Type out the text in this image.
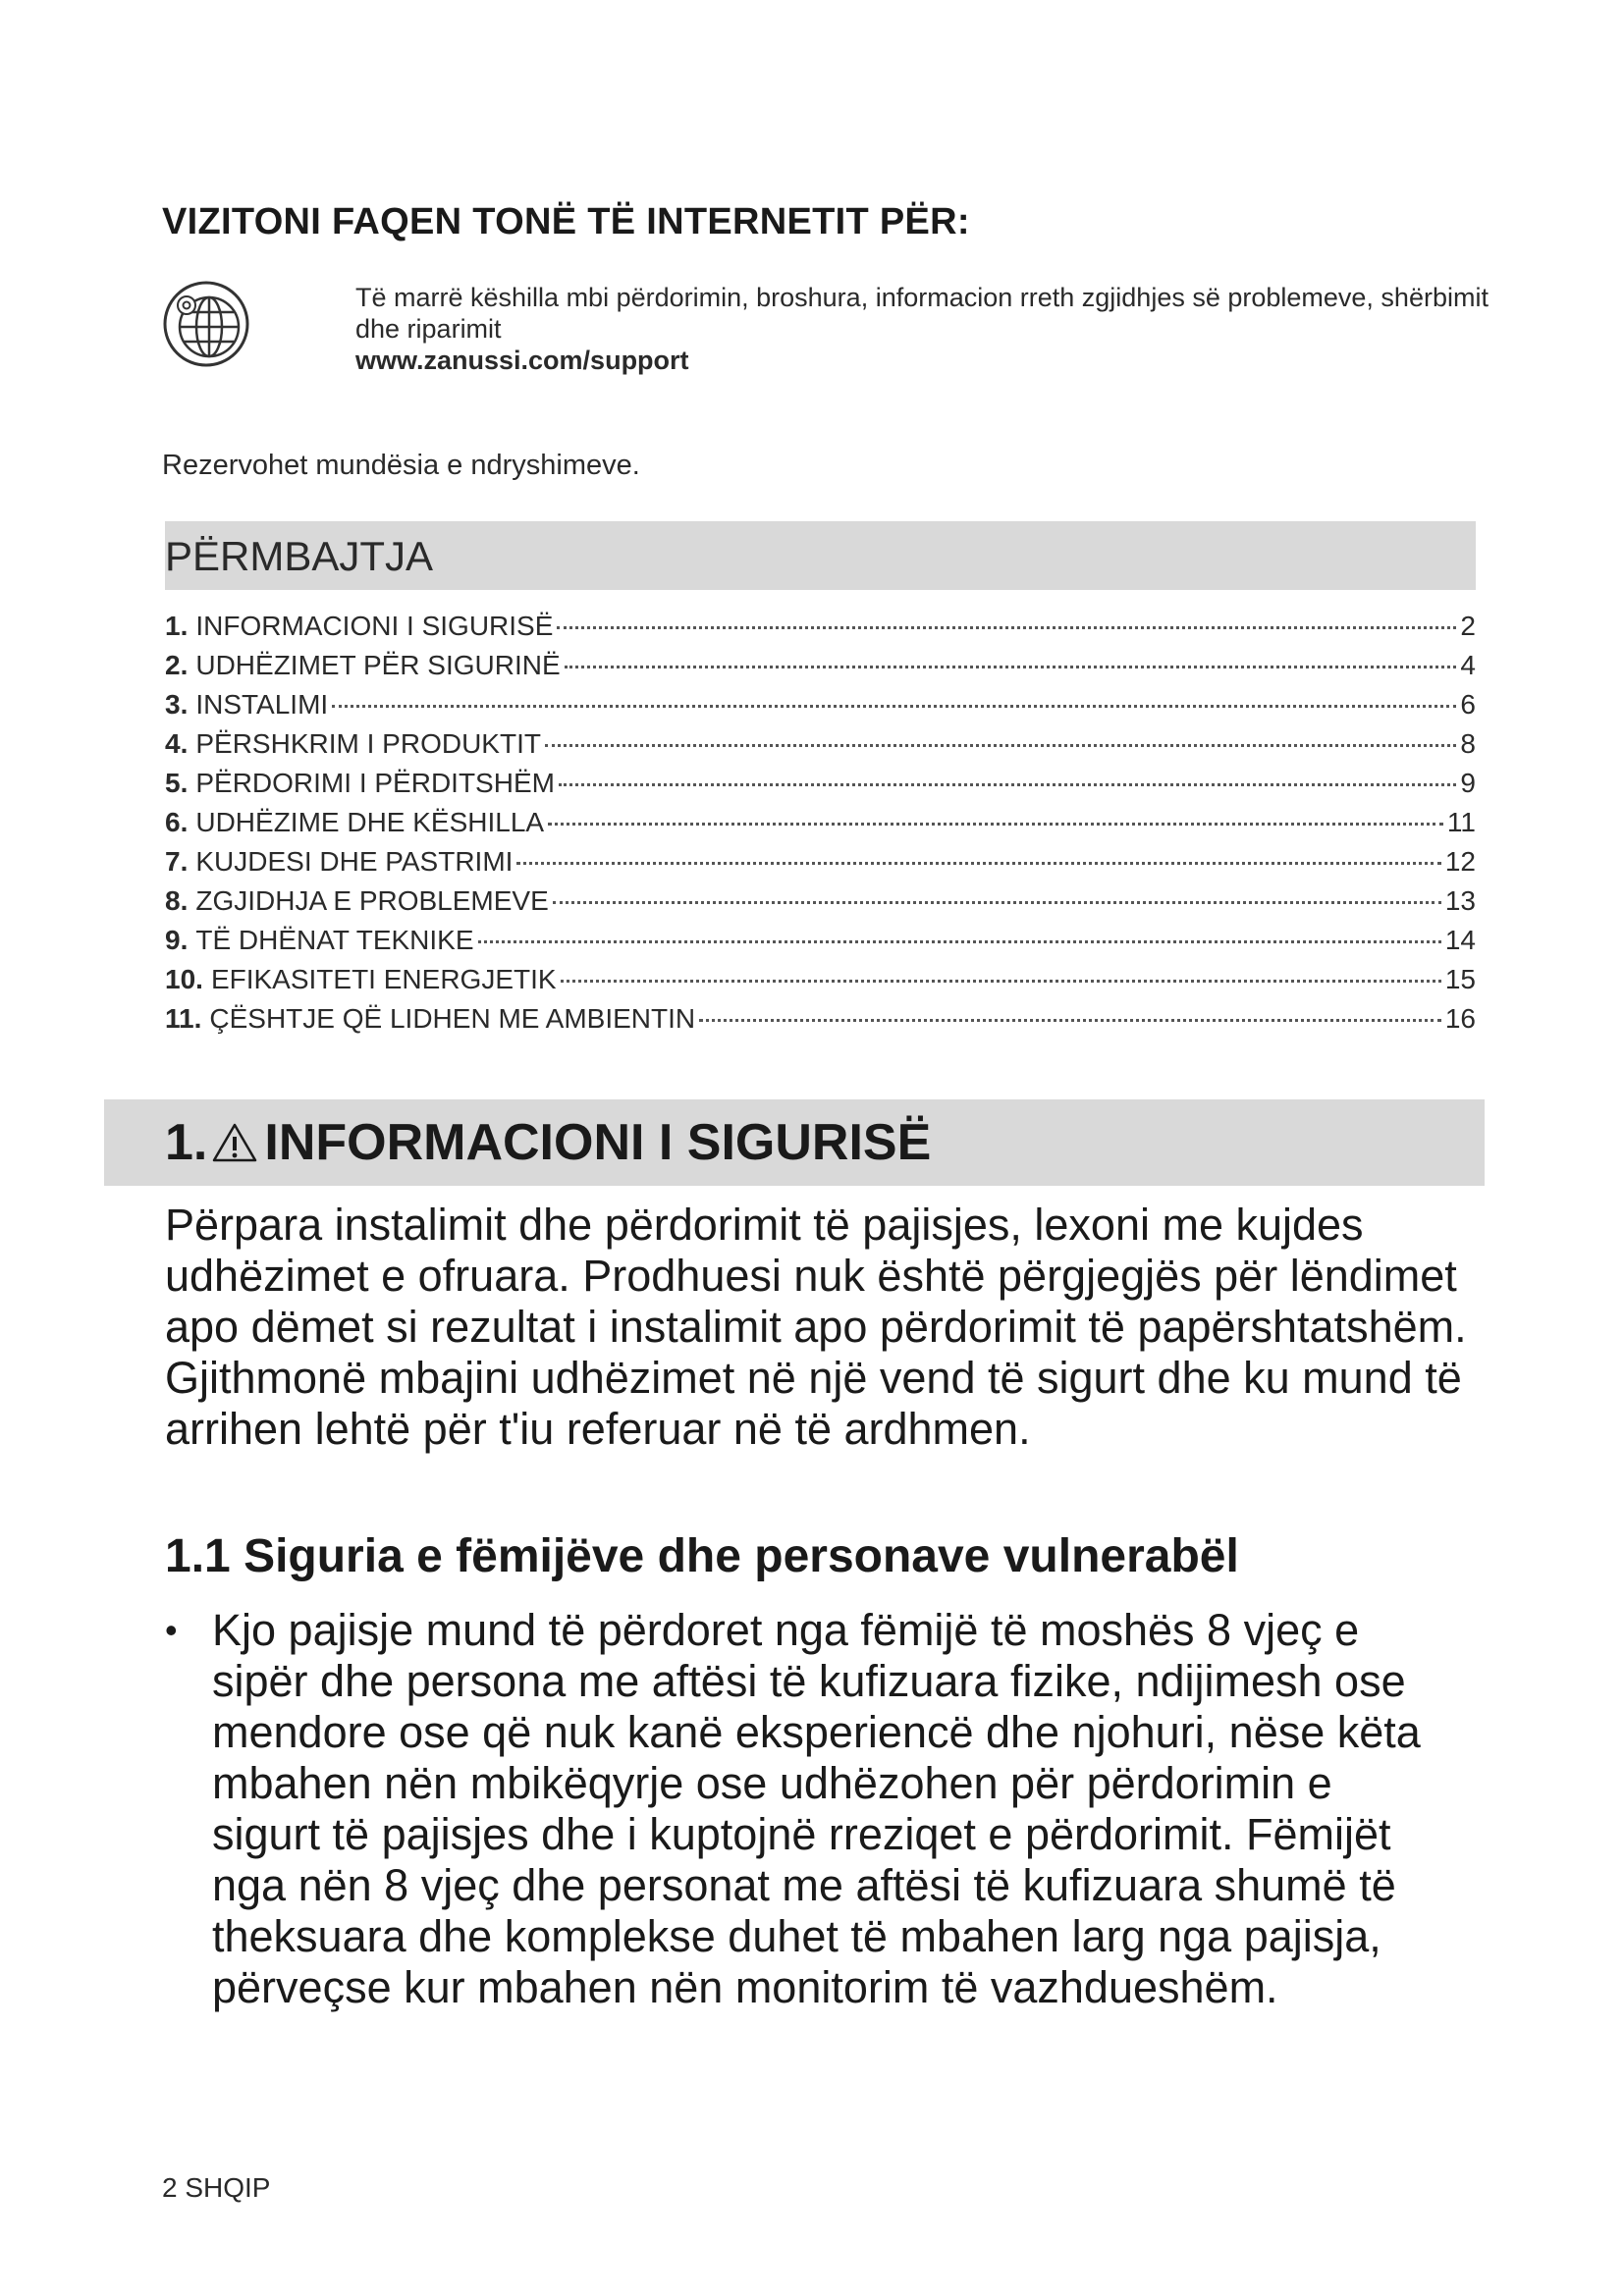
VIZITONI FAQEN TONË TË INTERNETIT PËR:
Të marrë këshilla mbi përdorimin, broshura, informacion rreth zgjidhjes së problemeve, shërbimit dhe riparimit
www.zanussi.com/support
Rezervohet mundësia e ndryshimeve.
PËRMBAJTJA
1. INFORMACIONI I SIGURISË	2
2. UDHËZIMET PËR SIGURINË	4
3. INSTALIMI	6
4. PËRSHKRIM I PRODUKTIT	8
5. PËRDORIMI I PËRDITSHËM	9
6. UDHËZIME DHE KËSHILLA	11
7. KUJDESI DHE PASTRIMI	12
8. ZGJIDHJA E PROBLEMEVE	13
9. TË DHËNAT TEKNIKE	14
10. EFIKASITETI ENERGJETIK	15
11. ÇËSHTJE QË LIDHEN ME AMBIENTIN	16
1. INFORMACIONI I SIGURISË

Përpara instalimit dhe përdorimit të pajisjes, lexoni me kujdes udhëzimet e ofruara. Prodhuesi nuk është përgjegjës për lëndimet apo dëmet si rezultat i instalimit apo përdorimit të papërshtatshëm. Gjithmonë mbajini udhëzimet në një vend të sigurt dhe ku mund të arrihen lehtë për t'iu referuar në të ardhmen.

1.1 Siguria e fëmijëve dhe personave vulnerabël
• Kjo pajisje mund të përdoret nga fëmijë të moshës 8 vjeç e sipër dhe persona me aftësi të kufizuara fizike, ndijimesh ose mendore ose që nuk kanë eksperiencë dhe njohuri, nëse këta mbahen nën mbikëqyrje ose udhëzohen për përdorimin e sigurt të pajisjes dhe i kuptojnë rreziqet e përdorimit. Fëmijët nga nën 8 vjeç dhe personat me aftësi të kufizuara shumë të theksuara dhe komplekse duhet të mbahen larg nga pajisja, përveçse kur mbahen nën monitorim të vazhdueshëm.
2 SHQIP
